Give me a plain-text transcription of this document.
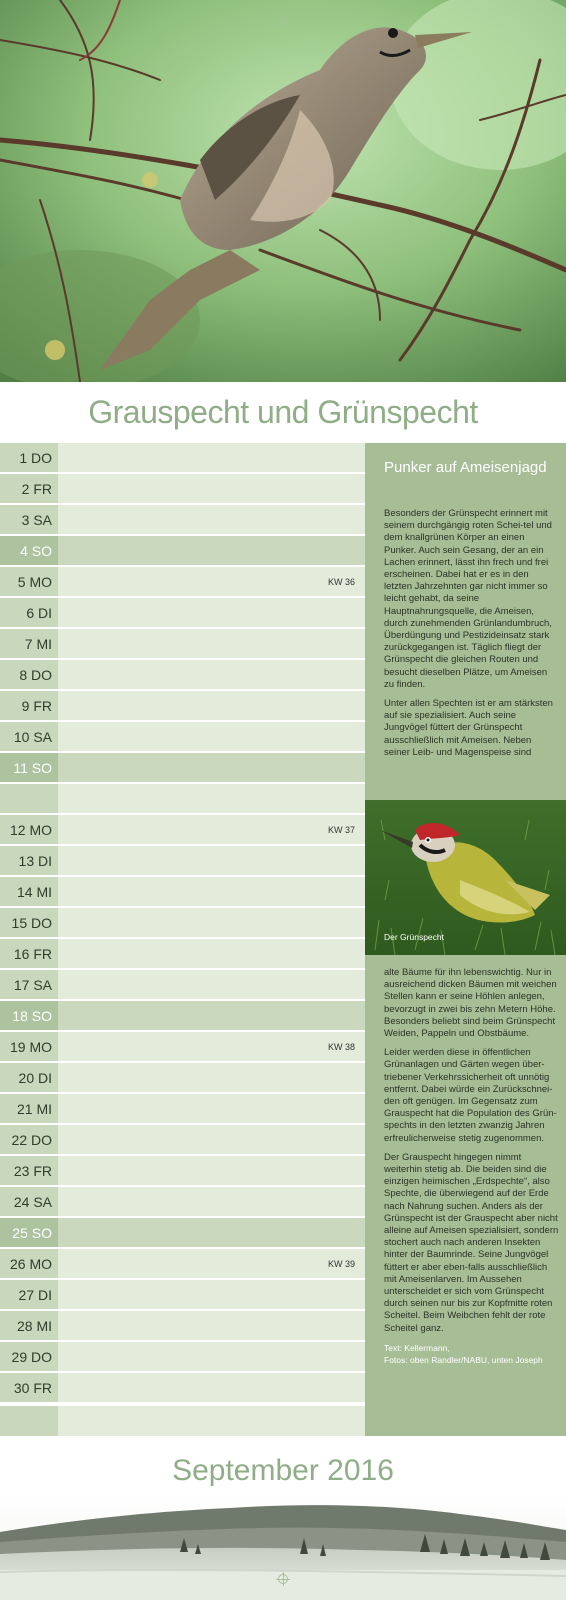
Grauspecht und Grünspecht
1 DO
2 FR
3 SA
4 SO
5 MO	KW 36
6 DI
7 MI
8 DO
9 FR
10 SA
11 SO
12 MO	KW 37
13 DI
14 MI
15 DO
16 FR
17 SA
18 SO
19 MO	KW 38
20 DI
21 MI
22 DO
23 FR
24 SA
25 SO
26 MO	KW 39
27 DI
28 MI
29 DO
30 FR
Punker auf Ameisenjagd

Besonders der Grünspecht erinnert mit seinem durchgängig roten Schei-tel und dem knallgrünen Körper an einen Punker. Auch sein Gesang, der an ein Lachen erinnert, lässt ihn frech und frei erscheinen. Dabei hat er es in den letzten Jahrzehnten gar nicht immer so leicht gehabt, da seine Hauptnahrungsquelle, die Ameisen, durch zunehmenden Grünlandumbruch, Überdüngung und Pestizideinsatz stark zurückgegangen ist. Täglich fliegt der Grünspecht die gleichen Routen und besucht dieselben Plätze, um Ameisen zu finden.

Unter allen Spechten ist er am stärksten auf sie spezialisiert. Auch seine Jungvögel füttert der Grünspecht ausschließlich mit Ameisen. Neben seiner Leib- und Magenspeise sind

Der Grünspecht

alte Bäume für ihn lebenswichtig. Nur in ausreichend dicken Bäumen mit weichen Stellen kann er seine Höhlen anlegen, bevorzugt in zwei bis zehn Metern Höhe. Besonders beliebt sind beim Grünspecht Weiden, Pappeln und Obstbäume.

Leider werden diese in öffentlichen Grünanlagen und Gärten wegen über-triebener Verkehrssicherheit oft unnötig entfernt. Dabei würde ein Zurückschnei-den oft genügen. Im Gegensatz zum Grauspecht hat die Population des Grün-spechts in den letzten zwanzig Jahren erfreulicherweise stetig zugenommen.

Der Grauspecht hingegen nimmt weiterhin stetig ab. Die beiden sind die einzigen heimischen „Erdspechte“, also Spechte, die überwiegend auf der Erde nach Nahrung suchen. Anders als der Grünspecht ist der Grauspecht aber nicht alleine auf Ameisen spezialisiert, sondern stochert auch nach anderen Insekten hinter der Baumrinde. Seine Jungvögel füttert er aber eben-falls ausschließlich mit Ameisenlarven. Im Aussehen unterscheidet er sich vom Grünspecht durch seinen nur bis zur Kopfmitte roten Scheitel. Beim Weibchen fehlt der rote Scheitel ganz.

Text: Kellermann,
Fotos: oben Randler/NABU, unten Joseph
September 2016
